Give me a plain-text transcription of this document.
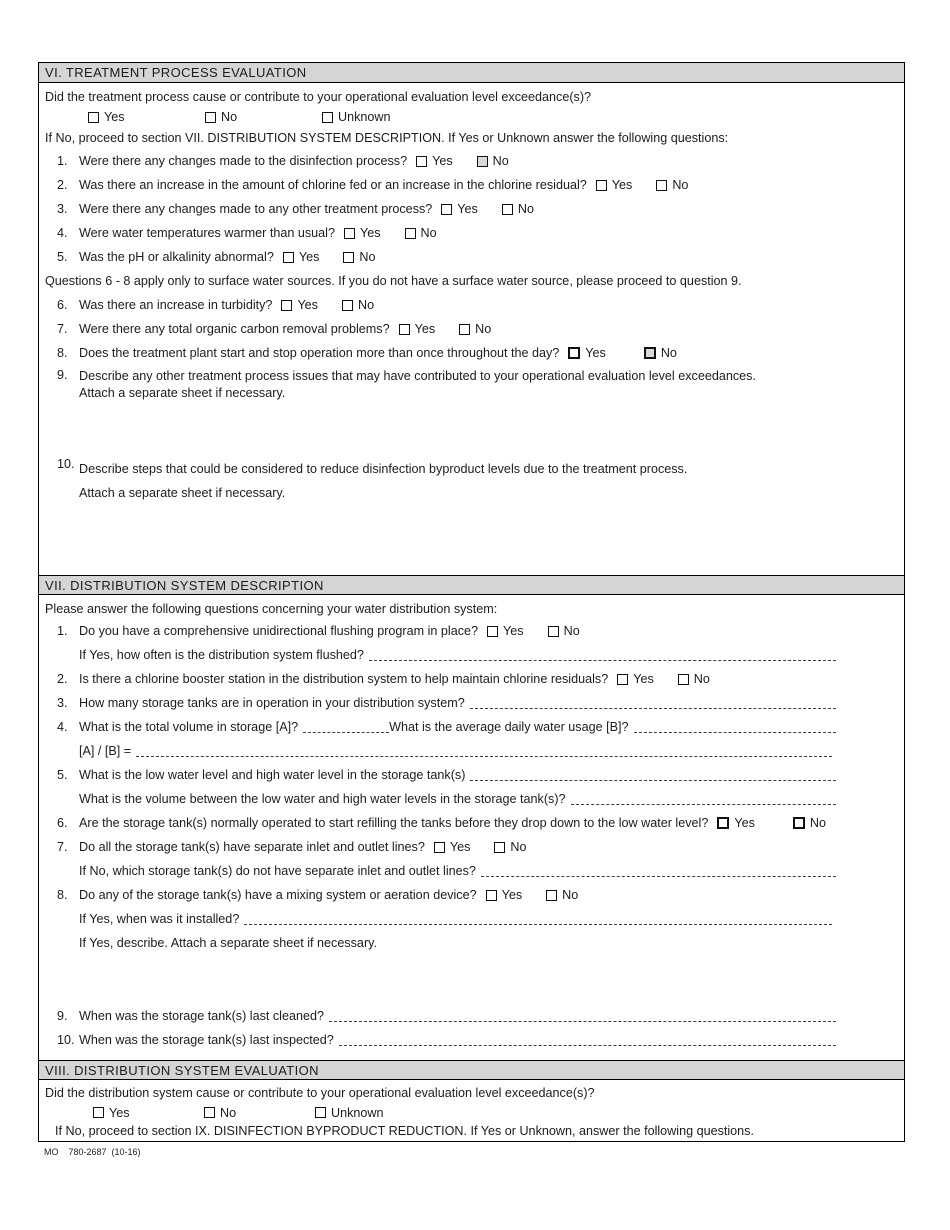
VI. TREATMENT PROCESS EVALUATION
Did the treatment process cause or contribute to your operational evaluation level exceedance(s)?
Yes	No	Unknown
If No, proceed to section VII. DISTRIBUTION SYSTEM DESCRIPTION. If Yes or Unknown answer the following questions:
1. Were there any changes made to the disinfection process? Yes	No
2. Was there an increase in the amount of chlorine fed or an increase in the chlorine residual? Yes	No
3. Were there any changes made to any other treatment process? Yes	No
4. Were water temperatures warmer than usual? Yes	No
5. Was the pH or alkalinity abnormal? Yes	No
Questions 6 - 8 apply only to surface water sources. If you do not have a surface water source, please proceed to question 9.
6. Was there an increase in turbidity? Yes	No
7. Were there any total organic carbon removal problems? Yes	No
8. Does the treatment plant start and stop operation more than once throughout the day? Yes	No
9. Describe any other treatment process issues that may have contributed to your operational evaluation level exceedances.
Attach a separate sheet if necessary.
10. Describe steps that could be considered to reduce disinfection byproduct levels due to the treatment process.
Attach a separate sheet if necessary.
VII. DISTRIBUTION SYSTEM DESCRIPTION
Please answer the following questions concerning your water distribution system:
1. Do you have a comprehensive unidirectional flushing program in place? Yes	No
If Yes, how often is the distribution system flushed?
2. Is there a chlorine booster station in the distribution system to help maintain chlorine residuals? Yes	No
3. How many storage tanks are in operation in your distribution system?
4. What is the total volume in storage [A]?	What is the average daily water usage [B]?
[A] / [B] =
5. What is the low water level and high water level in the storage tank(s)
What is the volume between the low water and high water levels in the storage tank(s)?
6. Are the storage tank(s) normally operated to start refilling the tanks before they drop down to the low water level? Yes	No
7. Do all the storage tank(s) have separate inlet and outlet lines? Yes	No
If No, which storage tank(s) do not have separate inlet and outlet lines?
8. Do any of the storage tank(s) have a mixing system or aeration device? Yes	No
If Yes, when was it installed?
If Yes, describe. Attach a separate sheet if necessary.
9. When was the storage tank(s) last cleaned?
10. When was the storage tank(s) last inspected?
VIII. DISTRIBUTION SYSTEM EVALUATION
Did the distribution system cause or contribute to your operational evaluation level exceedance(s)?
Yes	No	Unknown
If No, proceed to section IX. DISINFECTION BYPRODUCT REDUCTION. If Yes or Unknown, answer the following questions.
MO    780-2687  (10-16)
